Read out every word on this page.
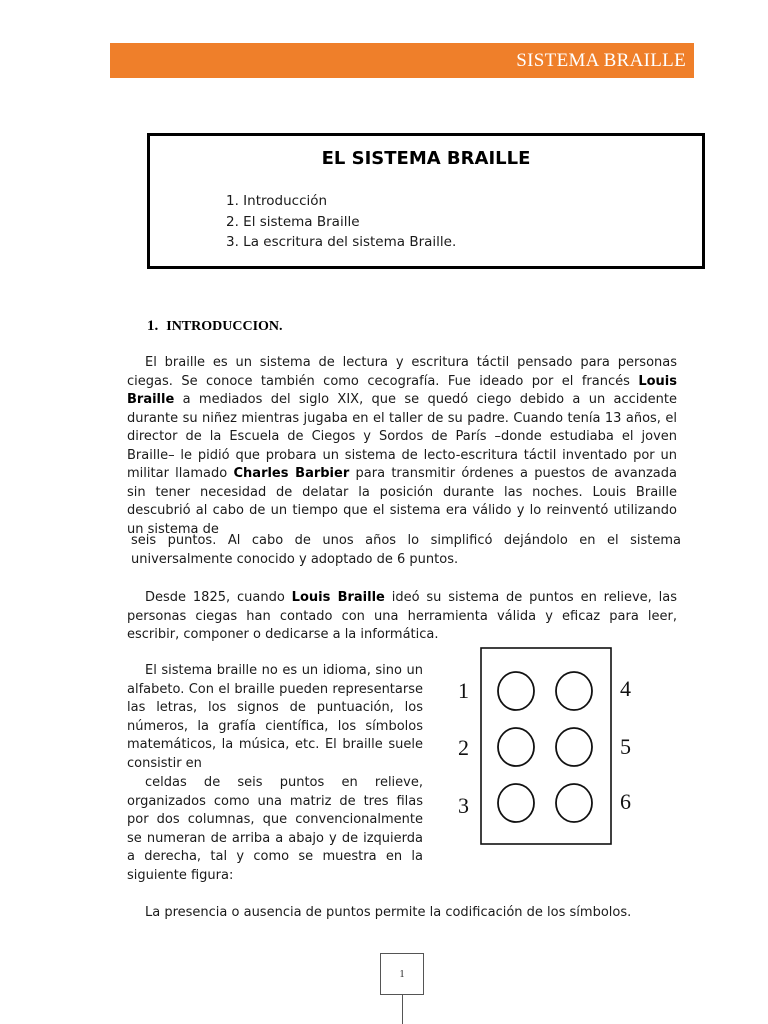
SISTEMA BRAILLE
EL SISTEMA BRAILLE
1. Introducción
2. El sistema Braille
3. La escritura del sistema Braille.
1. INTRODUCCION.

El braille es un sistema de lectura y escritura táctil pensado para personas ciegas. Se conoce también como cecografía. Fue ideado por el francés Louis Braille a mediados del siglo XIX, que se quedó ciego debido a un accidente durante su niñez mientras jugaba en el taller de su padre. Cuando tenía 13 años, el director de la Escuela de Ciegos y Sordos de París –donde estudiaba el joven Braille– le pidió que probara un sistema de lecto-escritura táctil inventado por un militar llamado Charles Barbier para transmitir órdenes a puestos de avanzada sin tener necesidad de delatar la posición durante las noches. Louis Braille descubrió al cabo de un tiempo que el sistema era válido y lo reinventó utilizando un sistema de

seis puntos. Al cabo de unos años lo simplificó dejándolo en el sistema universalmente conocido y adoptado de 6 puntos.

Desde 1825, cuando Louis Braille ideó su sistema de puntos en relieve, las personas ciegas han contado con una herramienta válida y eficaz para leer, escribir, componer o dedicarse a la informática.

El sistema braille no es un idioma, sino un alfabeto. Con el braille pueden representarse las letras, los signos de puntuación, los números, la grafía científica, los símbolos matemáticos, la música, etc. El braille suele consistir en

celdas de seis puntos en relieve, organizados como una matriz de tres filas por dos columnas, que convencionalmente se numeran de arriba a abajo y de izquierda a derecha, tal y como se muestra en la siguiente figura:

1
2
3
4
5
6

La presencia o ausencia de puntos permite la codificación de los símbolos.

1
